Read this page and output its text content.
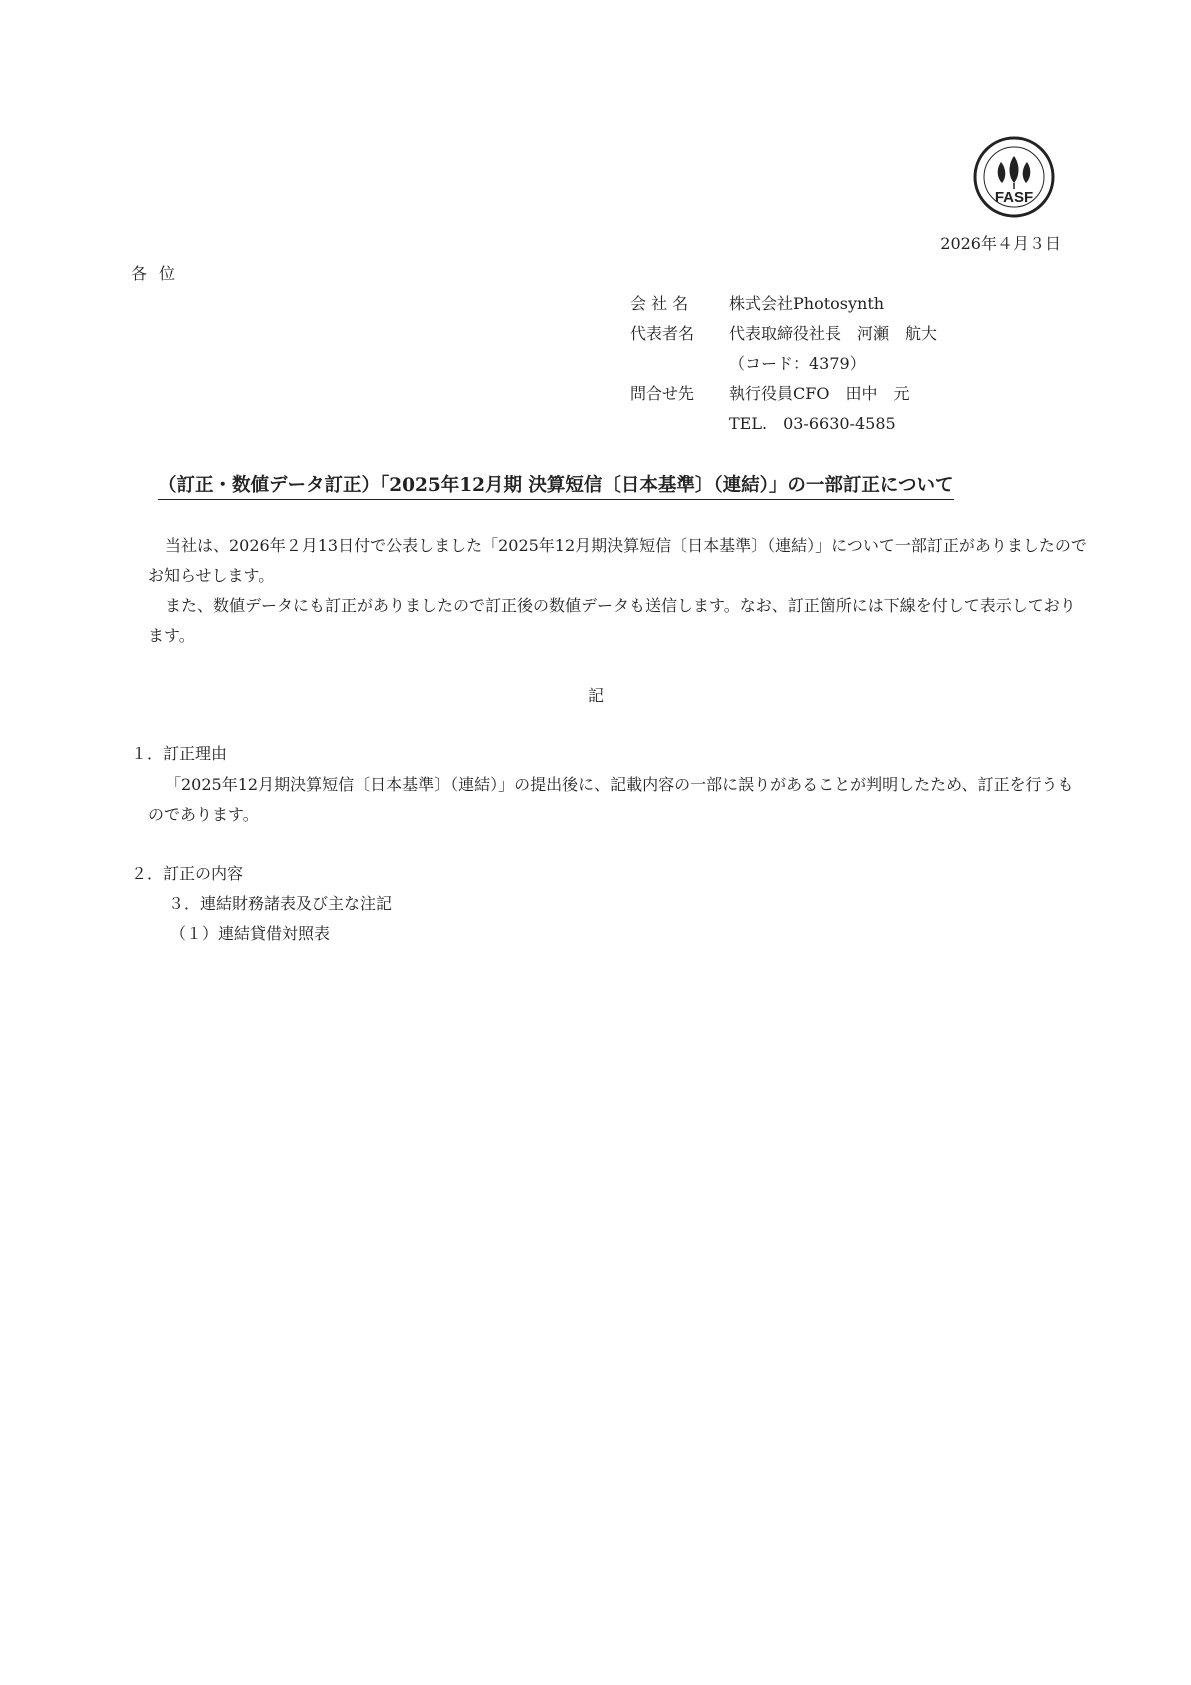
FASF
2026年４月３日
各位
会 社 名	株式会社Photosynth
代表者名 代表取締役社長　河瀬　航大
（コード：4379）
問合せ先 執行役員CFO　田中　元
TEL.　03-6630-4585
（訂正・数値データ訂正）「2025年12月期 決算短信〔日本基準〕（連結）」の一部訂正について

当社は、2026年２月13日付で公表しました「2025年12月期決算短信〔日本基準〕（連結）」について一部訂正がありましたのでお知らせします。

また、数値データにも訂正がありましたので訂正後の数値データも送信します。なお、訂正箇所には下線を付して表示しております。

記
１．訂正理由

「2025年12月期決算短信〔日本基準〕（連結）」の提出後に、記載内容の一部に誤りがあることが判明したため、訂正を行うものであります。

２．訂正の内容
３．連結財務諸表及び主な注記
（１）連結貸借対照表
